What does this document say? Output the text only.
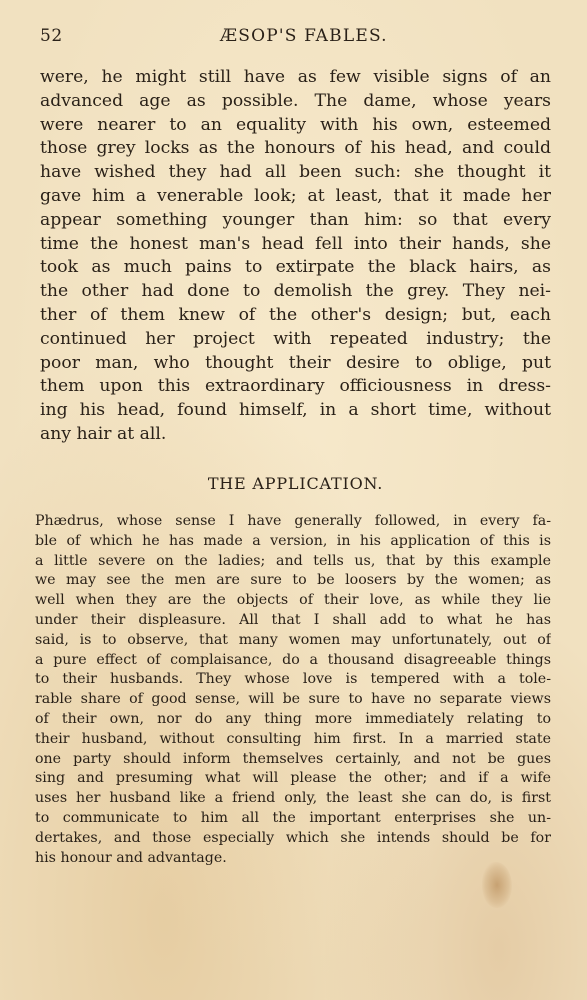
52	ÆSOP'S FABLES.
were, he might still have as few visible signs of an
advanced age as possible. The dame, whose years
were nearer to an equality with his own, esteemed
those grey locks as the honours of his head, and could
have wished they had all been such: she thought it
gave him a venerable look; at least, that it made her
appear something younger than him: so that every
time the honest man's head fell into their hands, she
took as much pains to extirpate the black hairs, as
the other had done to demolish the grey. They nei-
ther of them knew of the other's design; but, each
continued her project with repeated industry; the
poor man, who thought their desire to oblige, put
them upon this extraordinary officiousness in dress-
ing his head, found himself, in a short time, without
any hair at all.
THE APPLICATION.
Phædrus, whose sense I have generally followed, in every fa-
ble of which he has made a version, in his application of this is
a little severe on the ladies; and tells us, that by this example
we may see the men are sure to be loosers by the women; as
well when they are the objects of their love, as while they lie
under their displeasure. All that I shall add to what he has
said, is to observe, that many women may unfortunately, out of
a pure effect of complaisance, do a thousand disagreeable things
to their husbands. They whose love is tempered with a tole-
rable share of good sense, will be sure to have no separate views
of their own, nor do any thing more immediately relating to
their husband, without consulting him first. In a married state
one party should inform themselves certainly, and not be gues
sing and presuming what will please the other; and if a wife
uses her husband like a friend only, the least she can do, is first
to communicate to him all the important enterprises she un-
dertakes, and those especially which she intends should be for
his honour and advantage.
